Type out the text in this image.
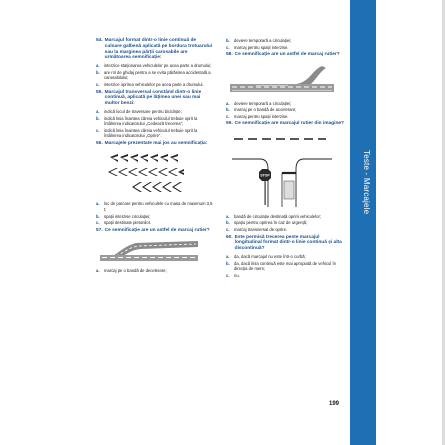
54. Marcajul format dintr-o linie continuă de culoare galbenă aplicată pe bordura trotuarului sau la marginea părții carosabile are următoarea semnificație:
a.	interzice staționarea vehiculelor pe acea parte a drumului;
b.	are rol de ghidaj pentru a se evita părăsirea accidentală a carosabilului;
c.	interzice oprirea vehiculelor pe acea parte a drumului.
55. Marcajul transversal constând dintr-o linie continuă, aplicată pe lățimea unei sau mai multor benzi:
a.	indică locul de traversare pentru bicicliște;
b.	indică linia înaintea căreia vehiculul trebuie oprit la întâlnirea indicatorului „Cedează trecerea”;
c.	indică linia înaintea căreia vehiculul trebuie oprit la întâlnirea indicatorului „Oprire”.
56. Marcajele prezentate mai jos au semnificația:
a.	loc de parcare pentru vehiculele cu masa de maximum 3,5 t;
b.	spații interzise circulației;
c.	spații destinate pietonilor.
57. Ce semnificație are un astfel de marcaj rutier?
a.	marcaj pe o bandă de decelerare;
b.	deviere temporară a circulației;
c.	marcaj pentru spații interzise.
58. Ce semnificație are un astfel de marcaj rutier?
a.	deviere temporară a circulației;
b.	marcaj pe o bandă de accelerare;
c.	marcaj pentru spații interzise.
59. Ce semnificație are marcajul rutier din imagine?
STOP
a.	bandă de circulație destinată opririi vehiculelor;
b.	spațiu pentru oprirea în caz de urgență;
c.	marcaj transversal de oprire.
60. Este permisă trecerea peste marcajul longitudinal format dintr-o linie continuă și alta discontinuă?
a.	da, dacă marcajul nu este într-o curbă;
b.	da, dacă linia continuă este mai apropiată de vehicul în direcția de mers;
c.	nu.
199
Teste - Marcajele
